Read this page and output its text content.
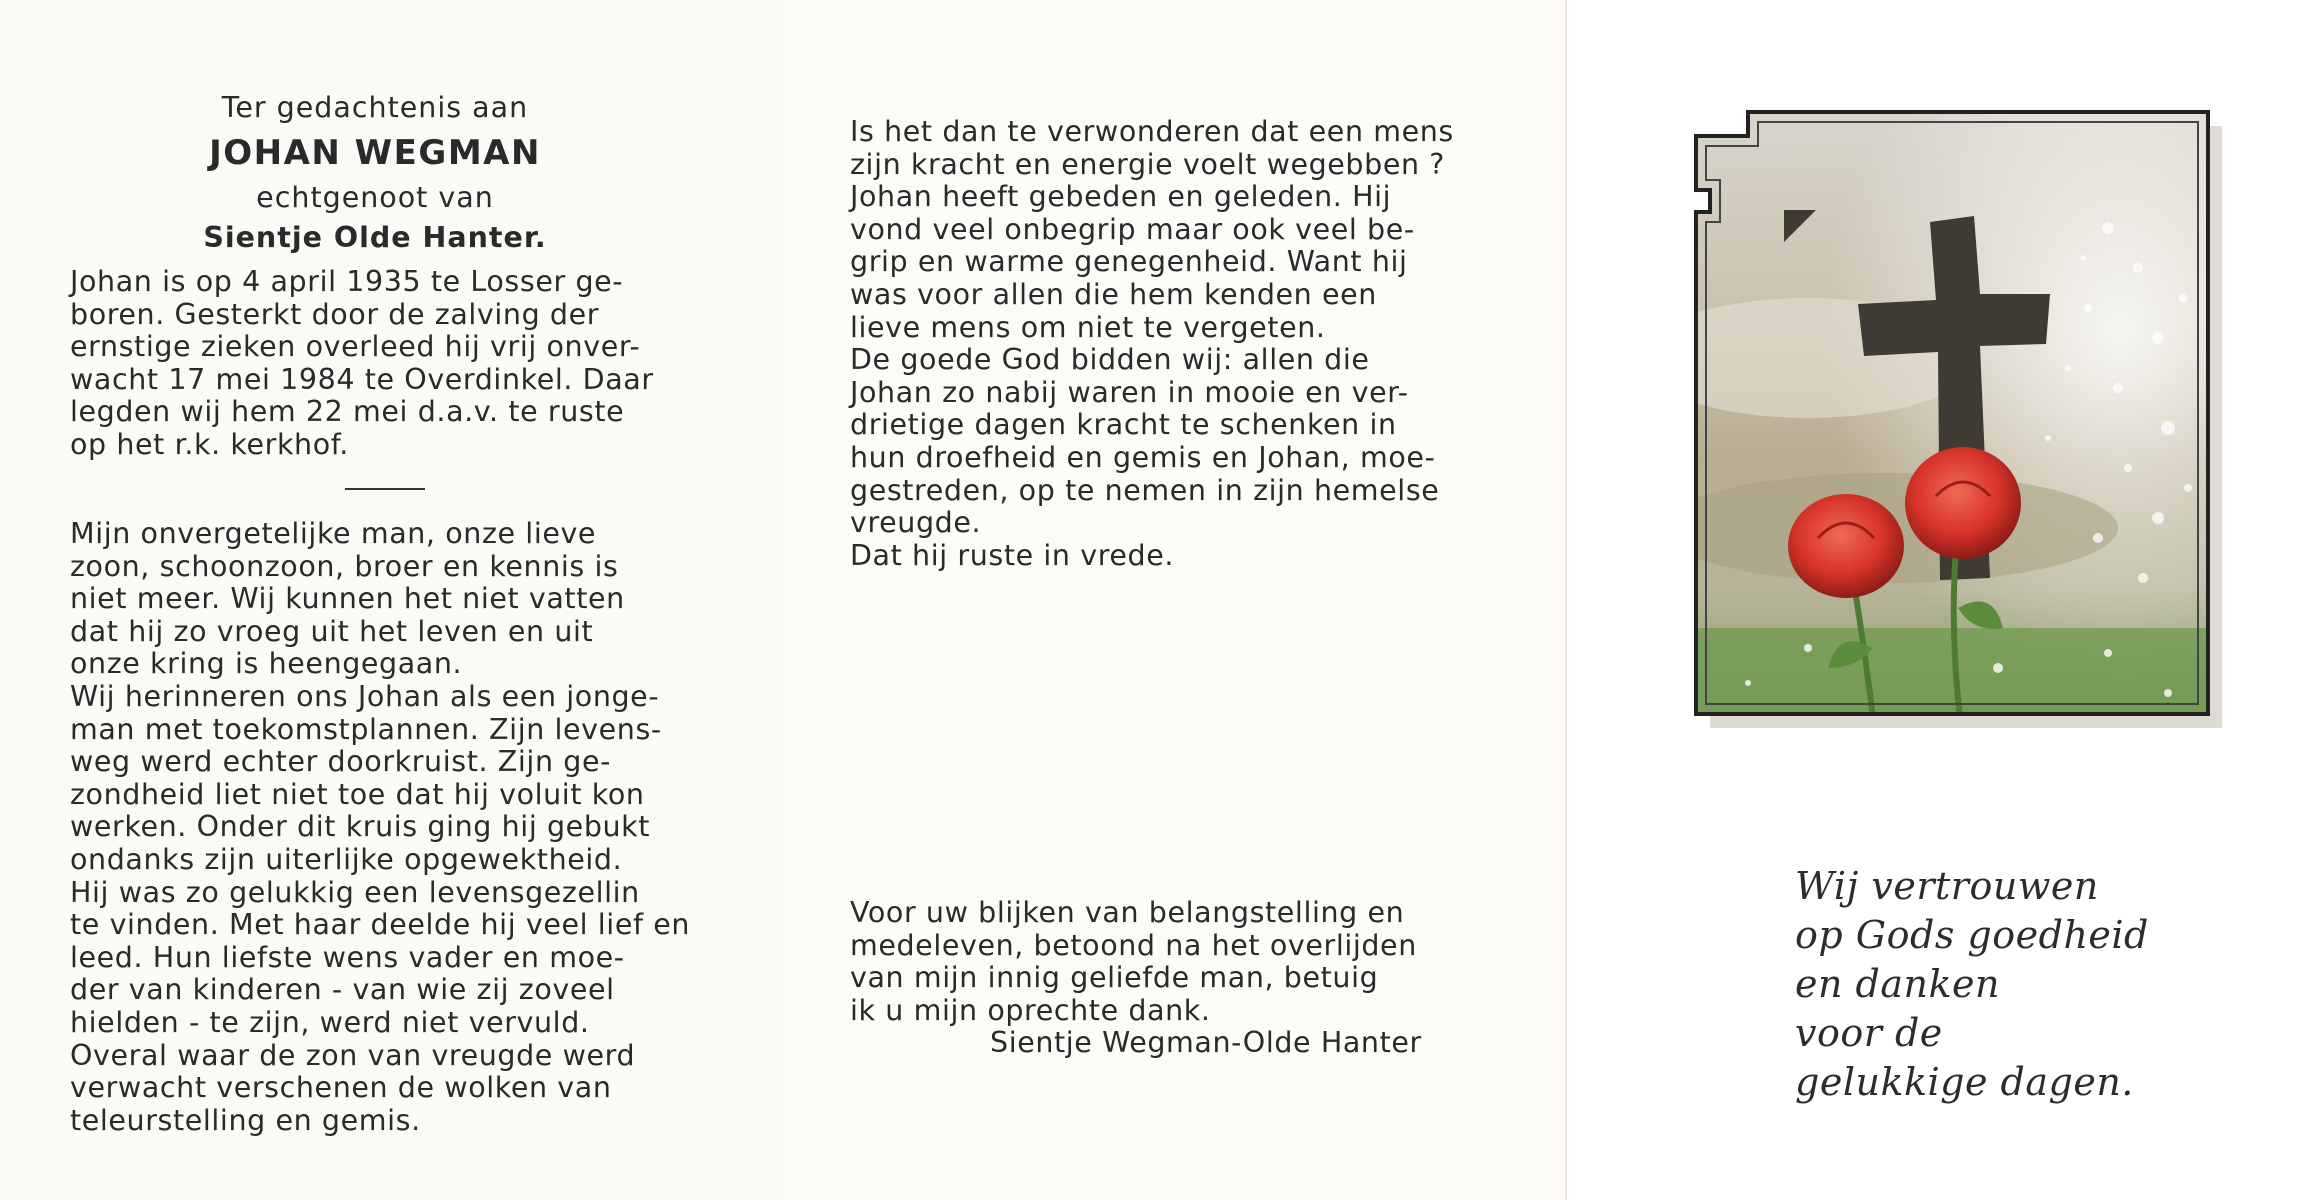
Ter gedachtenis aan
JOHAN WEGMAN
echtgenoot van
Sientje Olde Hanter.
Johan is op 4 april 1935 te Losser ge-
boren. Gesterkt door de zalving der
ernstige zieken overleed hij vrij onver-
wacht 17 mei 1984 te Overdinkel. Daar
legden wij hem 22 mei d.a.v. te ruste
op het r.k. kerkhof.
Mijn onvergetelijke man, onze lieve
zoon, schoonzoon, broer en kennis is
niet meer. Wij kunnen het niet vatten
dat hij zo vroeg uit het leven en uit
onze kring is heengegaan.
Wij herinneren ons Johan als een jonge-
man met toekomstplannen. Zijn levens-
weg werd echter doorkruist. Zijn ge-
zondheid liet niet toe dat hij voluit kon
werken. Onder dit kruis ging hij gebukt
ondanks zijn uiterlijke opgewektheid.
Hij was zo gelukkig een levensgezellin
te vinden. Met haar deelde hij veel lief en
leed. Hun liefste wens vader en moe-
der van kinderen - van wie zij zoveel
hielden - te zijn, werd niet vervuld.
Overal waar de zon van vreugde werd
verwacht verschenen de wolken van
teleurstelling en gemis.
Is het dan te verwonderen dat een mens
zijn kracht en energie voelt wegebben ?
Johan heeft gebeden en geleden. Hij
vond veel onbegrip maar ook veel be-
grip en warme genegenheid. Want hij
was voor allen die hem kenden een
lieve mens om niet te vergeten.
De goede God bidden wij: allen die
Johan zo nabij waren in mooie en ver-
drietige dagen kracht te schenken in
hun droefheid en gemis en Johan, moe-
gestreden, op te nemen in zijn hemelse
vreugde.
Dat hij ruste in vrede.
Voor uw blijken van belangstelling en
medeleven, betoond na het overlijden
van mijn innig geliefde man, betuig
ik u mijn oprechte dank.
Sientje Wegman-Olde Hanter
Wij vertrouwen
op Gods goedheid
en danken
voor de
gelukkige dagen.
